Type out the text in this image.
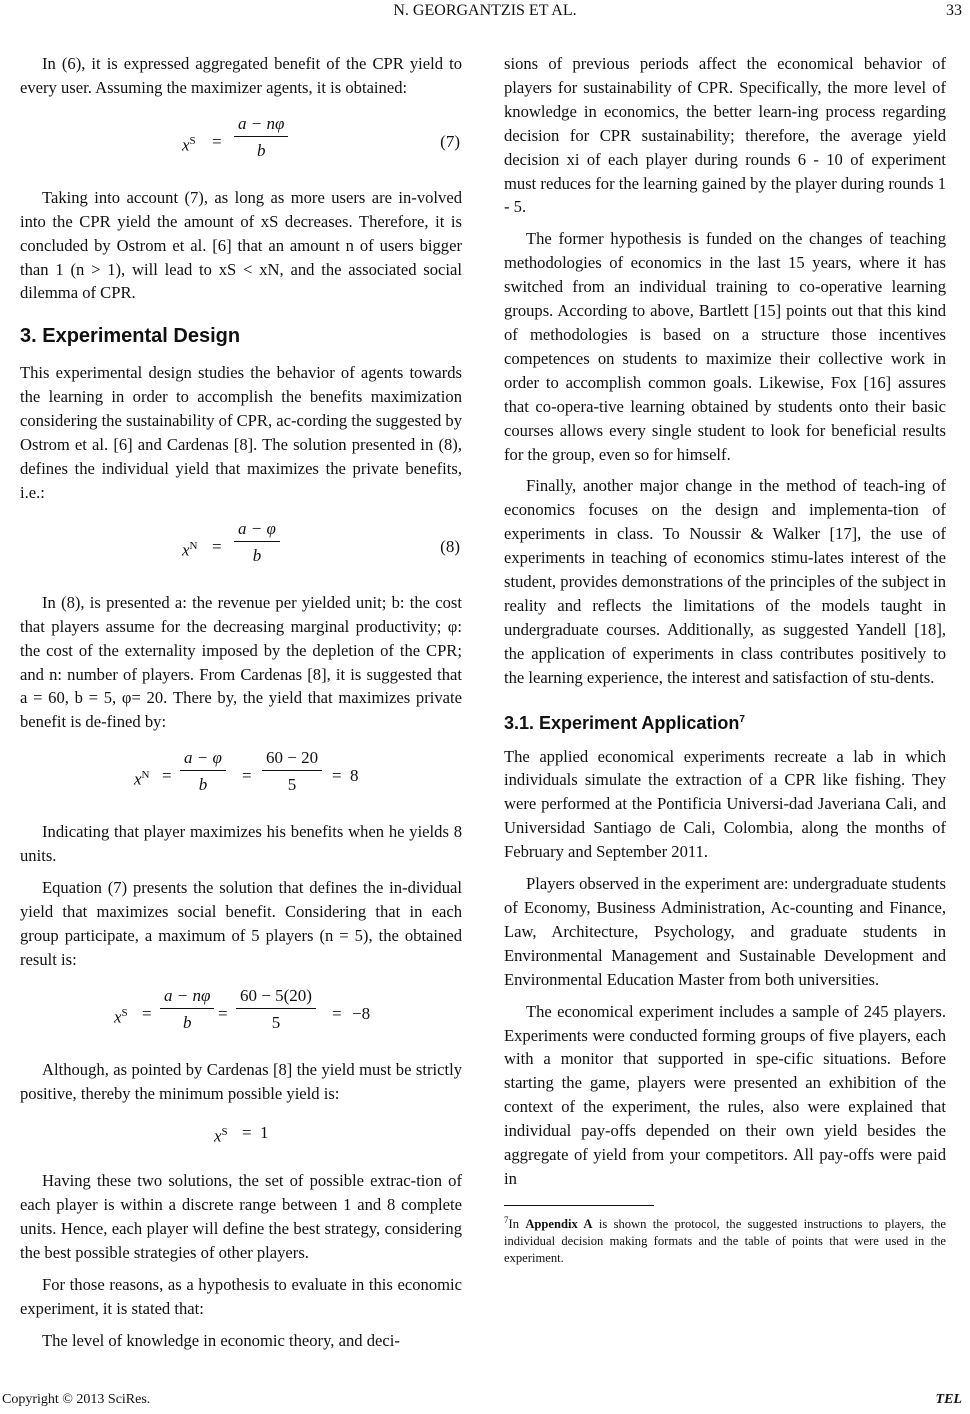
N. GEORGANTZIS ET AL.	33

In (6), it is expressed aggregated benefit of the CPR yield to every user. Assuming the maximizer agents, it is obtained:

$x^S = \frac{a - n\varphi}{b}$	(7)

Taking into account (7), as long as more users are in-volved into the CPR yield the amount of xS decreases. Therefore, it is concluded by Ostrom et al. [6] that an amount n of users bigger than 1 (n > 1), will lead to xS < xN, and the associated social dilemma of CPR.

3. Experimental Design

This experimental design studies the behavior of agents towards the learning in order to accomplish the benefits maximization considering the sustainability of CPR, ac-cording the suggested by Ostrom et al. [6] and Cardenas [8]. The solution presented in (8), defines the individual yield that maximizes the private benefits, i.e.:

$x^N = \frac{a - \varphi}{b}$	(8)

In (8), is presented a: the revenue per yielded unit; b: the cost that players assume for the decreasing marginal productivity; φ: the cost of the externality imposed by the depletion of the CPR; and n: number of players. From Cardenas [8], it is suggested that a = 60, b = 5, φ= 20. There by, the yield that maximizes private benefit is de-fined by:

$x^N = \frac{a - \varphi}{b} = \frac{60 - 20}{5} = 8$

Indicating that player maximizes his benefits when he yields 8 units.

Equation (7) presents the solution that defines the in-dividual yield that maximizes social benefit. Considering that in each group participate, a maximum of 5 players (n = 5), the obtained result is:

$x^S = \frac{a - n\varphi}{b} = \frac{60 - 5(20)}{5} = -8$

Although, as pointed by Cardenas [8] the yield must be strictly positive, thereby the minimum possible yield is:

$x^S = 1$

Having these two solutions, the set of possible extrac-tion of each player is within a discrete range between 1 and 8 complete units. Hence, each player will define the best strategy, considering the best possible strategies of other players.

For those reasons, as a hypothesis to evaluate in this economic experiment, it is stated that:

The level of knowledge in economic theory, and deci-

sions of previous periods affect the economical behavior of players for sustainability of CPR. Specifically, the more level of knowledge in economics, the better learn-ing process regarding decision for CPR sustainability; therefore, the average yield decision xi of each player during rounds 6 - 10 of experiment must reduces for the learning gained by the player during rounds 1 - 5.

The former hypothesis is funded on the changes of teaching methodologies of economics in the last 15 years, where it has switched from an individual training to co-operative learning groups. According to above, Bartlett [15] points out that this kind of methodologies is based on a structure those incentives competences on students to maximize their collective work in order to accomplish common goals. Likewise, Fox [16] assures that co-opera-tive learning obtained by students onto their basic courses allows every single student to look for beneficial results for the group, even so for himself.

Finally, another major change in the method of teach-ing of economics focuses on the design and implementa-tion of experiments in class. To Noussir & Walker [17], the use of experiments in teaching of economics stimu-lates interest of the student, provides demonstrations of the principles of the subject in reality and reflects the limitations of the models taught in undergraduate courses. Additionally, as suggested Yandell [18], the application of experiments in class contributes positively to the learning experience, the interest and satisfaction of stu-dents.

3.1. Experiment Application$^7$

The applied economical experiments recreate a lab in which individuals simulate the extraction of a CPR like fishing. They were performed at the Pontificia Universi-dad Javeriana Cali, and Universidad Santiago de Cali, Colombia, along the months of February and September 2011.

Players observed in the experiment are: undergraduate students of Economy, Business Administration, Ac-counting and Finance, Law, Architecture, Psychology, and graduate students in Environmental Management and Sustainable Development and Environmental Education Master from both universities.

The economical experiment includes a sample of 245 players. Experiments were conducted forming groups of five players, each with a monitor that supported in spe-cific situations. Before starting the game, players were presented an exhibition of the context of the experiment, the rules, also were explained that individual pay-offs depended on their own yield besides the aggregate of yield from your competitors. All pay-offs were paid in

$^7$In Appendix A is shown the protocol, the suggested instructions to players, the individual decision making formats and the table of points that were used in the experiment.
Copyright © 2013 SciRes.	TEL
